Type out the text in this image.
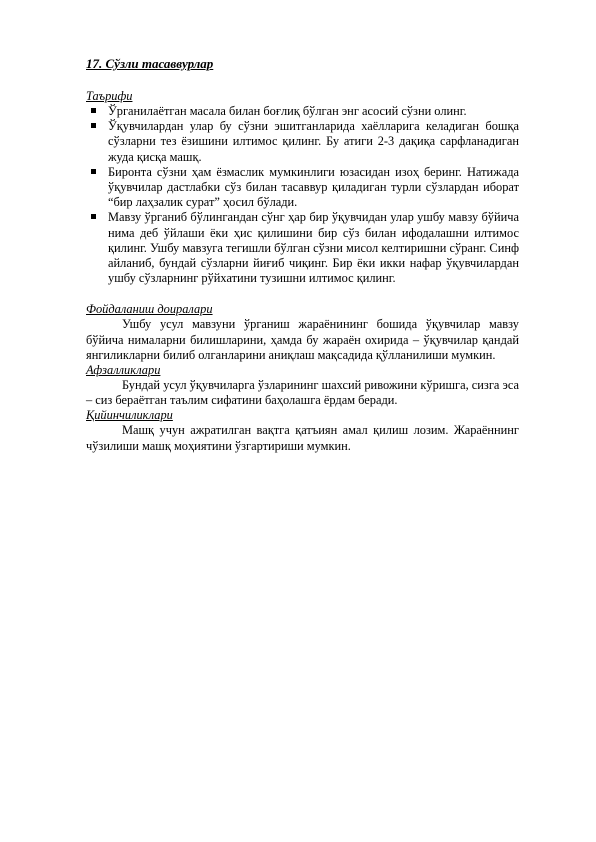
17. Сўзли тасаввурлар
Таърифи
Ўрганилаётган масала билан боғлиқ бўлган энг асосий сўзни олинг.
Ўқувчилардан улар бу сўзни эшитганларида хаёлларига келадиган бошқа сўзларни тез ёзишини илтимос қилинг. Бу атиги 2-3 дақиқа сарфланадиган жуда қисқа машқ.
Биронта сўзни ҳам ёзмаслик мумкинлиги юзасидан изоҳ беринг. Натижада ўқувчилар дастлабки сўз билан тасаввур қиладиган турли сўзлардан иборат “бир лаҳзалик сурат” ҳосил бўлади.
Мавзу ўрганиб бўлингандан сўнг ҳар бир ўқувчидан улар ушбу мавзу бўйича нима деб ўйлаши ёки ҳис қилишини бир сўз билан ифодалашни илтимос қилинг. Ушбу мавзуга тегишли бўлган сўзни мисол келтиришни сўранг. Синф айланиб, бундай сўзларни йиғиб чиқинг. Бир ёки икки нафар ўқувчилардан ушбу сўзларнинг рўйхатини тузишни илтимос қилинг.
Фойдаланиш доиралари

Ушбу усул мавзуни ўрганиш жараёнининг бошида ўқувчилар мавзу бўйича нималарни билишларини, ҳамда бу жараён охирида – ўқувчилар қандай янгиликларни билиб олганларини аниқлаш мақсадида қўлланилиши мумкин.

Афзалликлари

Бундай усул ўқувчиларга ўзларининг шахсий ривожини кўришга, сизга эса – сиз бераётган таълим сифатини баҳолашга ёрдам беради.

Қийинчиликлари

Машқ учун ажратилган вақтга қатъиян амал қилиш лозим. Жараённинг чўзилиши машқ моҳиятини ўзгартириши мумкин.
